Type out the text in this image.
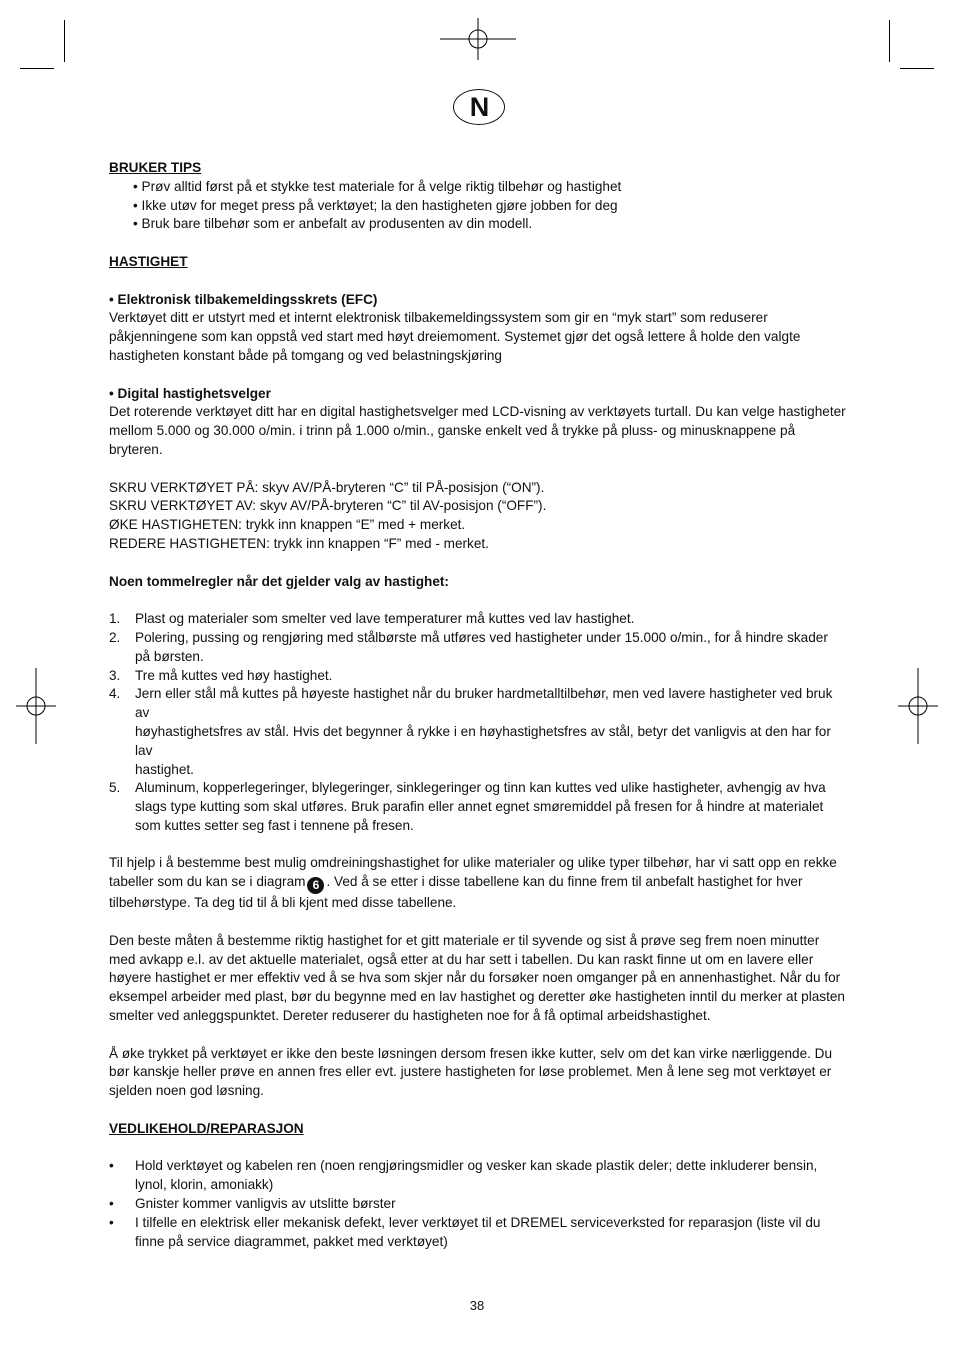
N
BRUKER TIPS
• Prøv alltid først på et stykke test materiale for å velge riktig tilbehør og hastighet
• Ikke utøv for meget press på verktøyet; la den hastigheten gjøre jobben for deg
• Bruk bare tilbehør som er anbefalt av produsenten av din modell.
HASTIGHET
• Elektronisk tilbakemeldingsskrets (EFC)
Verktøyet ditt er utstyrt med et internt elektronisk tilbakemeldingssystem som gir en “myk start” som reduserer
påkjenningene som kan oppstå ved start med høyt dreiemoment. Systemet gjør det også lettere å holde den valgte
hastigheten konstant både på tomgang og ved belastningskjøring
• Digital hastighetsvelger
Det roterende verktøyet ditt har en digital hastighetsvelger med LCD-visning av verktøyets turtall. Du kan velge hastigheter
mellom 5.000 og 30.000 o/min. i trinn på 1.000 o/min., ganske enkelt ved å trykke på pluss- og minusknappene på
bryteren.
SKRU VERKTØYET PÅ: skyv AV/PÅ-bryteren “C” til PÅ-posisjon (“ON”).
SKRU VERKTØYET AV: skyv AV/PÅ-bryteren “C” til AV-posisjon (“OFF”).
ØKE HASTIGHETEN: trykk inn knappen “E” med + merket.
REDERE HASTIGHETEN: trykk inn knappen “F” med - merket.
Noen tommelregler når det gjelder valg av hastighet:
1.	Plast og materialer som smelter ved lave temperaturer må kuttes ved lav hastighet.
2.	Polering, pussing og rengjøring med stålbørste må utføres ved hastigheter under 15.000 o/min., for å hindre skader
på børsten.
3.	Tre må kuttes ved høy hastighet.
4.	Jern eller stål må kuttes på høyeste hastighet når du bruker hardmetalltilbehør, men ved lavere hastigheter ved bruk av
høyhastighetsfres av stål. Hvis det begynner å rykke i en høyhastighetsfres av stål, betyr det vanligvis at den har for lav
hastighet.
5.	Aluminum, kopperlegeringer, blylegeringer, sinklegeringer og tinn kan kuttes ved ulike hastigheter, avhengig av hva
slags type kutting som skal utføres. Bruk parafin eller annet egnet smøremiddel på fresen for å hindre at materialet
som kuttes setter seg fast i tennene på fresen.
Til hjelp i å bestemme best mulig omdreiningshastighet for ulike materialer og ulike typer tilbehør, har vi satt opp en rekke
tabeller som du kan se i diagram 6 . Ved å se etter i disse tabellene kan du finne frem til anbefalt hastighet for hver
tilbehørstype. Ta deg tid til å bli kjent med disse tabellene.
Den beste måten å bestemme riktig hastighet for et gitt materiale er til syvende og sist å prøve seg frem noen minutter
med avkapp e.l. av det aktuelle materialet, også etter at du har sett i tabellen. Du kan raskt finne ut om en lavere eller
høyere hastighet er mer effektiv ved å se hva som skjer når du forsøker noen omganger på en annenhastighet. Når du for
eksempel arbeider med plast, bør du begynne med en lav hastighet og deretter øke hastigheten inntil du merker at plasten
smelter ved anleggspunktet. Dereter reduserer du hastigheten noe for å få optimal arbeidshastighet.
Å øke trykket på verktøyet er ikke den beste løsningen dersom fresen ikke kutter, selv om det kan virke nærliggende. Du
bør kanskje heller prøve en annen fres eller evt. justere hastigheten for løse problemet. Men å lene seg mot verktøyet er
sjelden noen god løsning.
VEDLIKEHOLD/REPARASJON
•	Hold verktøyet og kabelen ren (noen rengjøringsmidler og vesker kan skade plastik deler; dette inkluderer bensin,
lynol, klorin, amoniakk)
•	Gnister kommer vanligvis av utslitte børster
•	I tilfelle en elektrisk eller mekanisk defekt, lever verktøyet til et DREMEL serviceverksted for reparasjon (liste vil du
finne på service diagrammet, pakket med verktøyet)
38
